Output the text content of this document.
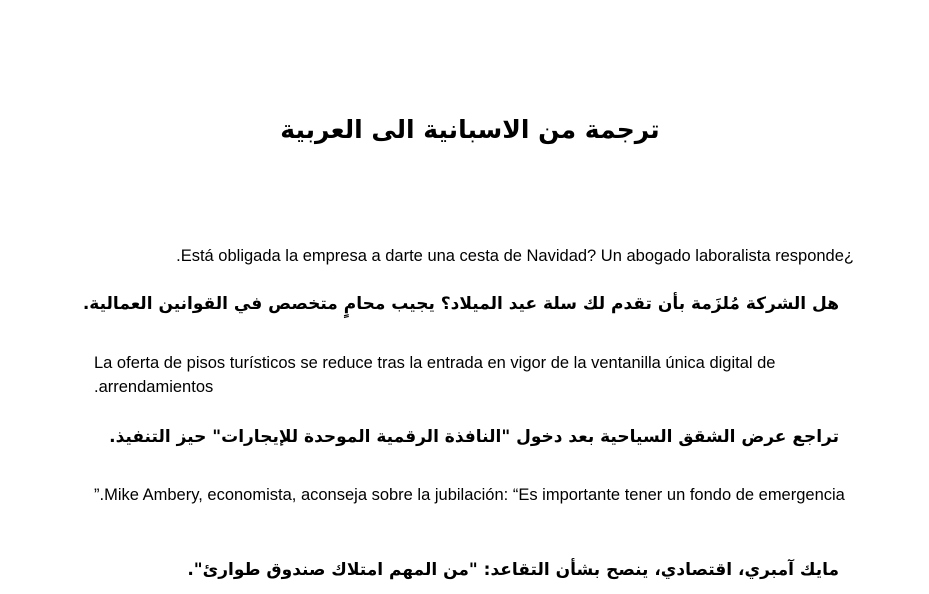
ترجمة من الاسبانية الى العربية

¿Está obligada la empresa a darte una cesta de Navidad? Un abogado laboralista responde.

هل الشركة مُلزَمة بأن تقدم لك سلة عيد الميلاد؟ يجيب محامٍ متخصص في القوانين العمالية.

La oferta de pisos turísticos se reduce tras la entrada en vigor de la ventanilla única digital de arrendamientos.

تراجع عرض الشقق السياحية بعد دخول "النافذة الرقمية الموحدة للإيجارات" حيز التنفيذ.

Mike Ambery, economista, aconseja sobre la jubilación: “Es importante tener un fondo de emergencia.”

مايك آمبري، اقتصادي، ينصح بشأن التقاعد: "من المهم امتلاك صندوق طوارئ".
